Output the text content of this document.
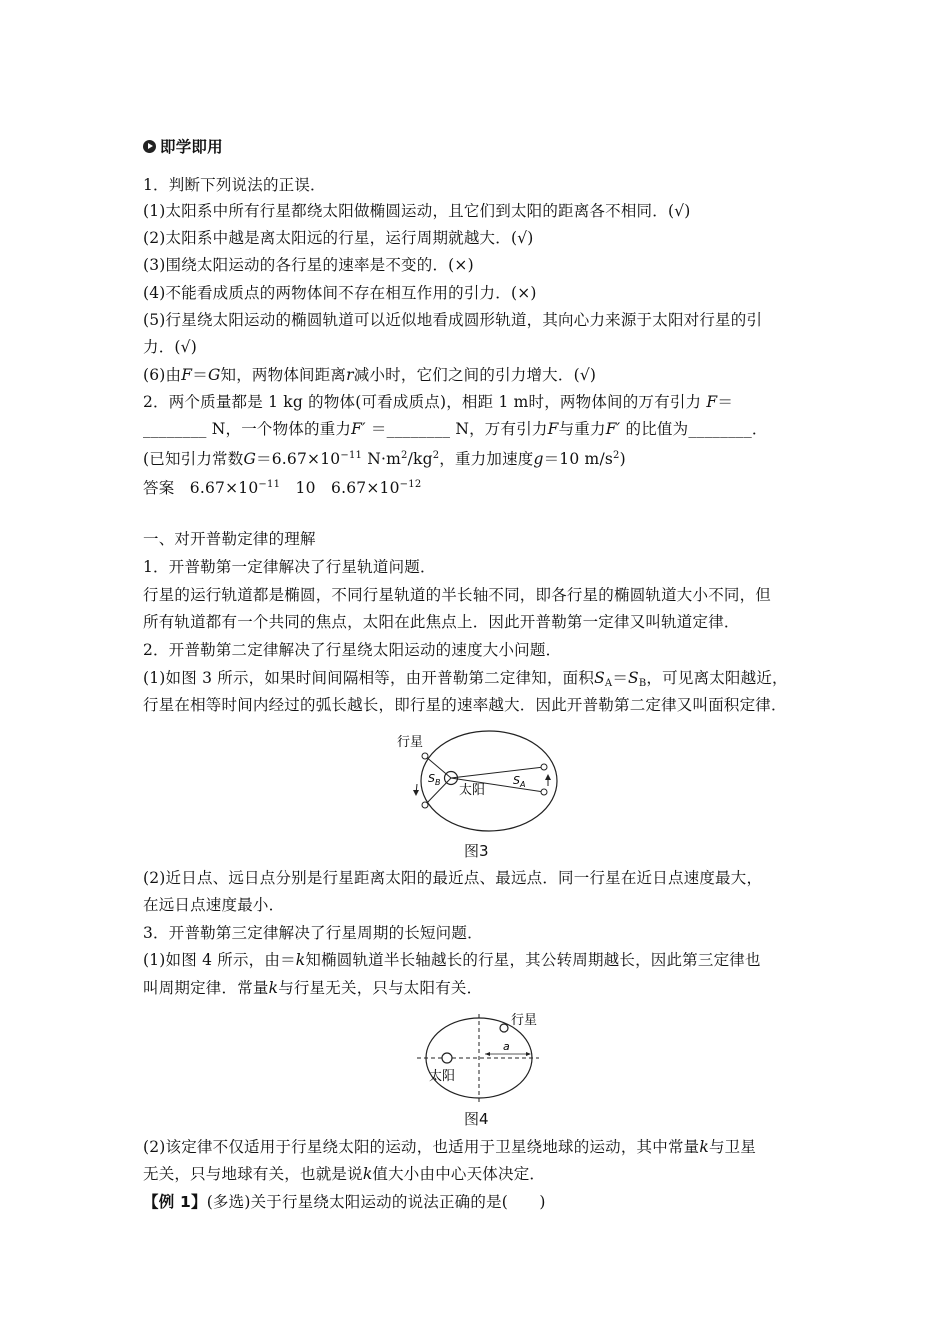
即学即用
1．判断下列说法的正误．
(1)太阳系中所有行星都绕太阳做椭圆运动，且它们到太阳的距离各不相同．(√)
(2)太阳系中越是离太阳远的行星，运行周期就越大．(√)
(3)围绕太阳运动的各行星的速率是不变的．(×)
(4)不能看成质点的两物体间不存在相互作用的引力．(×)
(5)行星绕太阳运动的椭圆轨道可以近似地看成圆形轨道，其向心力来源于太阳对行星的引
力．(√)
(6)由F＝G知，两物体间距离r减小时，它们之间的引力增大．(√)
2．两个质量都是 1 kg 的物体(可看成质点)，相距 1 m时，两物体间的万有引力 F＝
________ N，一个物体的重力F′ ＝________ N，万有引力F与重力F′ 的比值为________．
(已知引力常数$G=6.67\times 10^{-11}$ $N\cdot m^2/kg^2$，重力加速度g＝10 $m/s^2$)
答案 $6.67\times 10^{-11}$ 10 $6.67\times 10^{-12}$
一、对开普勒定律的理解
1．开普勒第一定律解决了行星轨道问题．
行星的运行轨道都是椭圆，不同行星轨道的半长轴不同，即各行星的椭圆轨道大小不同，但
所有轨道都有一个共同的焦点，太阳在此焦点上．因此开普勒第一定律又叫轨道定律．
2．开普勒第二定律解决了行星绕太阳运动的速度大小问题．
(1)如图 3 所示，如果时间间隔相等，由开普勒第二定律知，面积$S_A=S_B$，可见离太阳越近，
行星在相等时间内经过的弧长越长，即行星的速率越大．因此开普勒第二定律又叫面积定律．
行星
太阳
$S_B$	$S_A$
图3
(2)近日点、远日点分别是行星距离太阳的最近点、最远点．同一行星在近日点速度最大，
在远日点速度最小．
3．开普勒第三定律解决了行星周期的长短问题．
(1)如图 4 所示，由＝k知椭圆轨道半长轴越长的行星，其公转周期越长，因此第三定律也
叫周期定律．常量k与行星无关，只与太阳有关．
行星
太阳
a
图4
(2)该定律不仅适用于行星绕太阳的运动，也适用于卫星绕地球的运动，其中常量k与卫星
无关，只与地球有关，也就是说k值大小由中心天体决定．
【例 1】(多选)关于行星绕太阳运动的说法正确的是(　　)
